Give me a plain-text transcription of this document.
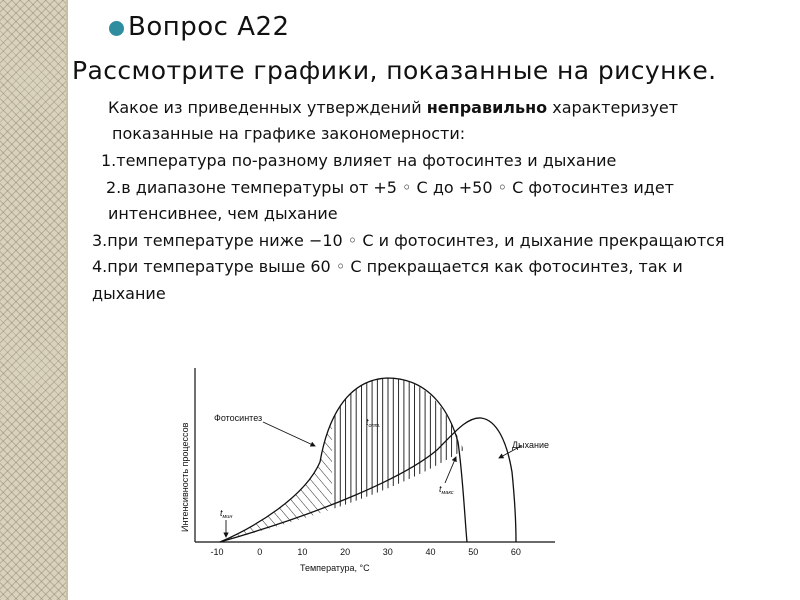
Вопрос А22
Рассмотрите графики, показанные на рисунке.
Какое из приведенных утверждений неправильно характеризует
показанные на графике закономерности:
1.температура по-разному влияет на фотосинтез и дыхание
2.в диапазоне температуры от +5 ◦ C до +50 ◦ C фотосинтез идет
интенсивнее, чем дыхание
3.при температуре ниже −10 ◦ C и фотосинтез, и дыхание прекращаются
4.при температуре выше 60 ◦ C прекращается как фотосинтез, так и
дыхание
Фотосинтез
Дыхание
$t_{мин}$
$t_{опт.}$
$t_{макс}$
-10	0	10	20	30	40	50	60
Температура, °С
Интенсивность процессов
